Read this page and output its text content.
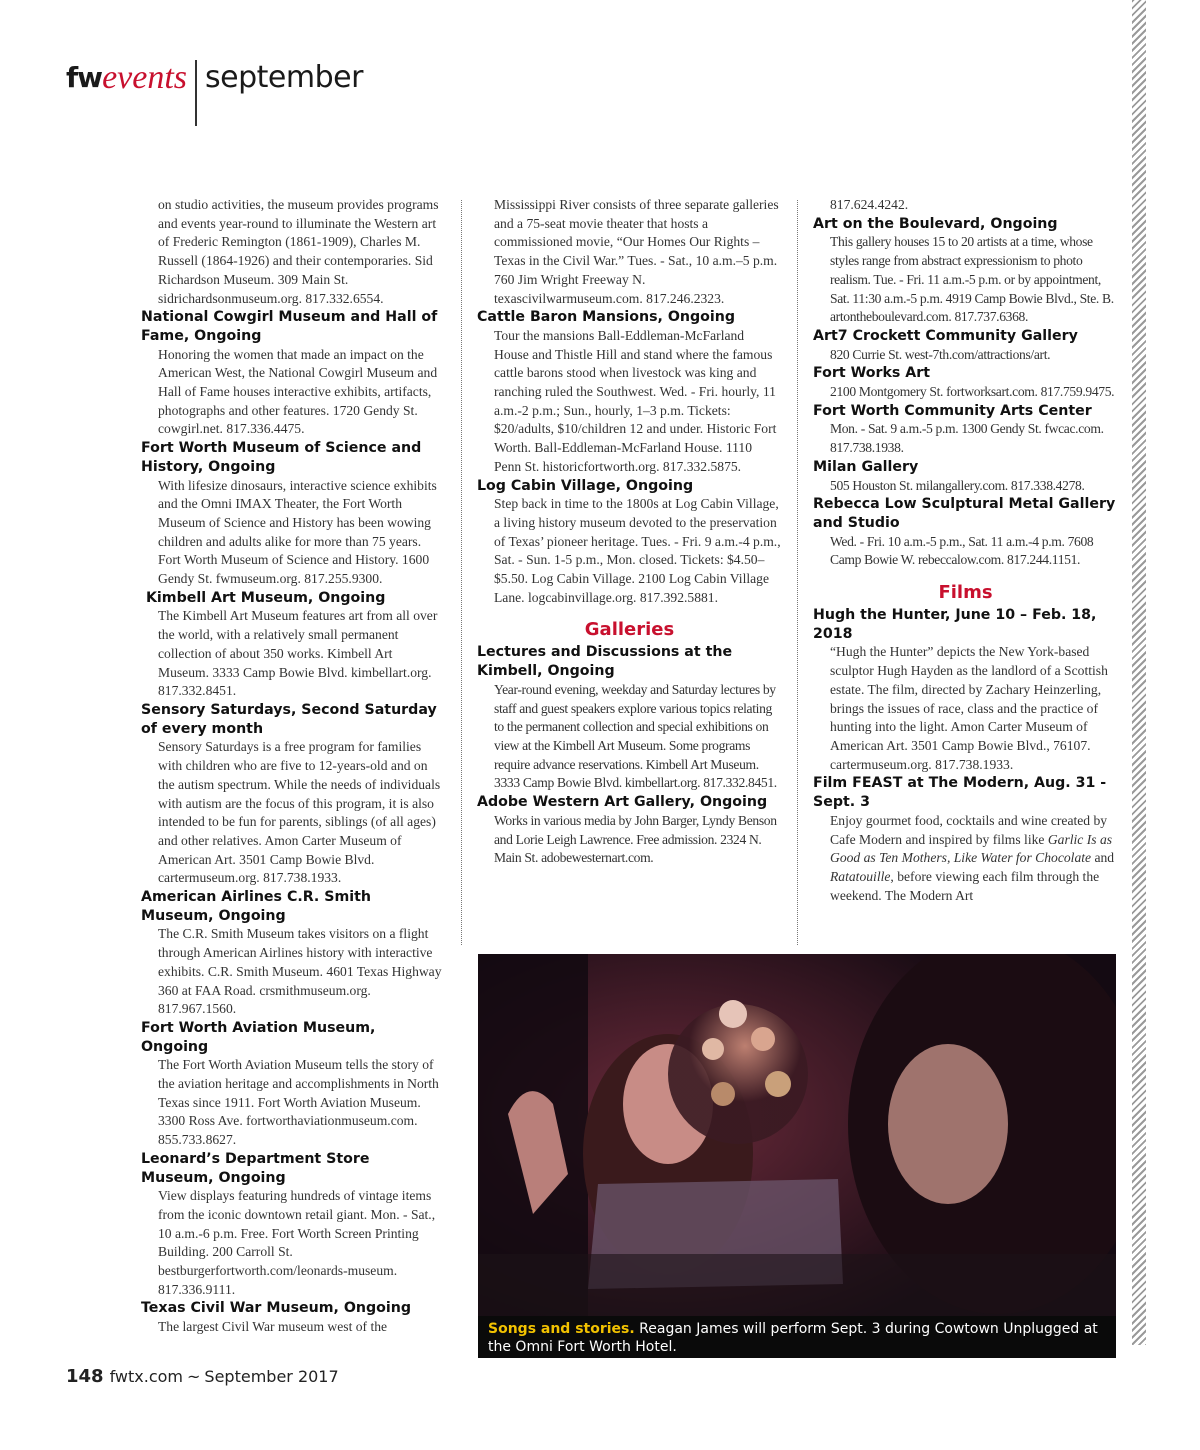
fw events september
on studio activities, the museum provides programs and events year-round to illuminate the Western art of Frederic Remington (1861-1909), Charles M. Russell (1864-1926) and their contemporaries. Sid Richardson Museum. 309 Main St. sidrichardsonmuseum.org. 817.332.6554.
National Cowgirl Museum and Hall of Fame, Ongoing
Honoring the women that made an impact on the American West, the National Cowgirl Museum and Hall of Fame houses interactive exhibits, artifacts, photographs and other features. 1720 Gendy St. cowgirl.net. 817.336.4475.
Fort Worth Museum of Science and History, Ongoing
With lifesize dinosaurs, interactive science exhibits and the Omni IMAX Theater, the Fort Worth Museum of Science and History has been wowing children and adults alike for more than 75 years. Fort Worth Museum of Science and History. 1600 Gendy St. fwmuseum.org. 817.255.9300.
Kimbell Art Museum, Ongoing
The Kimbell Art Museum features art from all over the world, with a relatively small permanent collection of about 350 works. Kimbell Art Museum. 3333 Camp Bowie Blvd. kimbellart.org. 817.332.8451.
Sensory Saturdays, Second Saturday of every month
Sensory Saturdays is a free program for families with children who are five to 12-years-old and on the autism spectrum. While the needs of individuals with autism are the focus of this program, it is also intended to be fun for parents, siblings (of all ages) and other relatives. Amon Carter Museum of American Art. 3501 Camp Bowie Blvd. cartermuseum.org. 817.738.1933.
American Airlines C.R. Smith Museum, Ongoing
The C.R. Smith Museum takes visitors on a flight through American Airlines history with interactive exhibits. C.R. Smith Museum. 4601 Texas Highway 360 at FAA Road. crsmithmuseum.org. 817.967.1560.
Fort Worth Aviation Museum, Ongoing
The Fort Worth Aviation Museum tells the story of the aviation heritage and accomplishments in North Texas since 1911. Fort Worth Aviation Museum. 3300 Ross Ave. fortworthaviationmuseum.com. 855.733.8627.
Leonard’s Department Store Museum, Ongoing
View displays featuring hundreds of vintage items from the iconic downtown retail giant. Mon. - Sat., 10 a.m.-6 p.m. Free. Fort Worth Screen Printing Building. 200 Carroll St. bestburgerfortworth.com/leonards-museum. 817.336.9111.
Texas Civil War Museum, Ongoing
The largest Civil War museum west of the
Mississippi River consists of three separate galleries and a 75-seat movie theater that hosts a commissioned movie, “Our Homes Our Rights – Texas in the Civil War.” Tues. - Sat., 10 a.m.–5 p.m. 760 Jim Wright Freeway N. texascivilwarmuseum.com. 817.246.2323.
Cattle Baron Mansions, Ongoing
Tour the mansions Ball-Eddleman-McFarland House and Thistle Hill and stand where the famous cattle barons stood when livestock was king and ranching ruled the Southwest. Wed. - Fri. hourly, 11 a.m.-2 p.m.; Sun., hourly, 1–3 p.m. Tickets: $20/adults, $10/children 12 and under. Historic Fort Worth. Ball-Eddleman-McFarland House. 1110 Penn St. historicfortworth.org. 817.332.5875.
Log Cabin Village, Ongoing
Step back in time to the 1800s at Log Cabin Village, a living history museum devoted to the preservation of Texas’ pioneer heritage. Tues. - Fri. 9 a.m.-4 p.m., Sat. - Sun. 1-5 p.m., Mon. closed. Tickets: $4.50–$5.50. Log Cabin Village. 2100 Log Cabin Village Lane. logcabinvillage.org. 817.392.5881.
Galleries
Lectures and Discussions at the Kimbell, Ongoing
Year-round evening, weekday and Saturday lectures by staff and guest speakers explore various topics relating to the permanent collection and special exhibitions on view at the Kimbell Art Museum. Some programs require advance reservations. Kimbell Art Museum. 3333 Camp Bowie Blvd. kimbellart.org. 817.332.8451.
Adobe Western Art Gallery, Ongoing
Works in various media by John Barger, Lyndy Benson and Lorie Leigh Lawrence. Free admission. 2324 N. Main St. adobewesternart.com.
817.624.4242.
Art on the Boulevard, Ongoing
This gallery houses 15 to 20 artists at a time, whose styles range from abstract expressionism to photo realism. Tue. - Fri. 11 a.m.-5 p.m. or by appointment, Sat. 11:30 a.m.-5 p.m. 4919 Camp Bowie Blvd., Ste. B. artontheboulevard.com. 817.737.6368.
Art7 Crockett Community Gallery
820 Currie St. west-7th.com/attractions/art.
Fort Works Art
2100 Montgomery St. fortworksart.com. 817.759.9475.
Fort Worth Community Arts Center
Mon. - Sat. 9 a.m.-5 p.m. 1300 Gendy St. fwcac.com. 817.738.1938.
Milan Gallery
505 Houston St. milangallery.com. 817.338.4278.
Rebecca Low Sculptural Metal Gallery and Studio
Wed. - Fri. 10 a.m.-5 p.m., Sat. 11 a.m.-4 p.m. 7608 Camp Bowie W. rebeccalow.com. 817.244.1151.
Films
Hugh the Hunter, June 10 – Feb. 18, 2018
“Hugh the Hunter” depicts the New York-based sculptor Hugh Hayden as the landlord of a Scottish estate. The film, directed by Zachary Heinzerling, brings the issues of race, class and the practice of hunting into the light. Amon Carter Museum of American Art. 3501 Camp Bowie Blvd., 76107. cartermuseum.org. 817.738.1933.
Film FEAST at The Modern, Aug. 31 - Sept. 3
Enjoy gourmet food, cocktails and wine created by Cafe Modern and inspired by films like Garlic Is as Good as Ten Mothers, Like Water for Chocolate and Ratatouille, before viewing each film through the weekend. The Modern Art
Songs and stories. Reagan James will perform Sept. 3 during Cowtown Unplugged at the Omni Fort Worth Hotel.
148 fwtx.com ~ September 2017
